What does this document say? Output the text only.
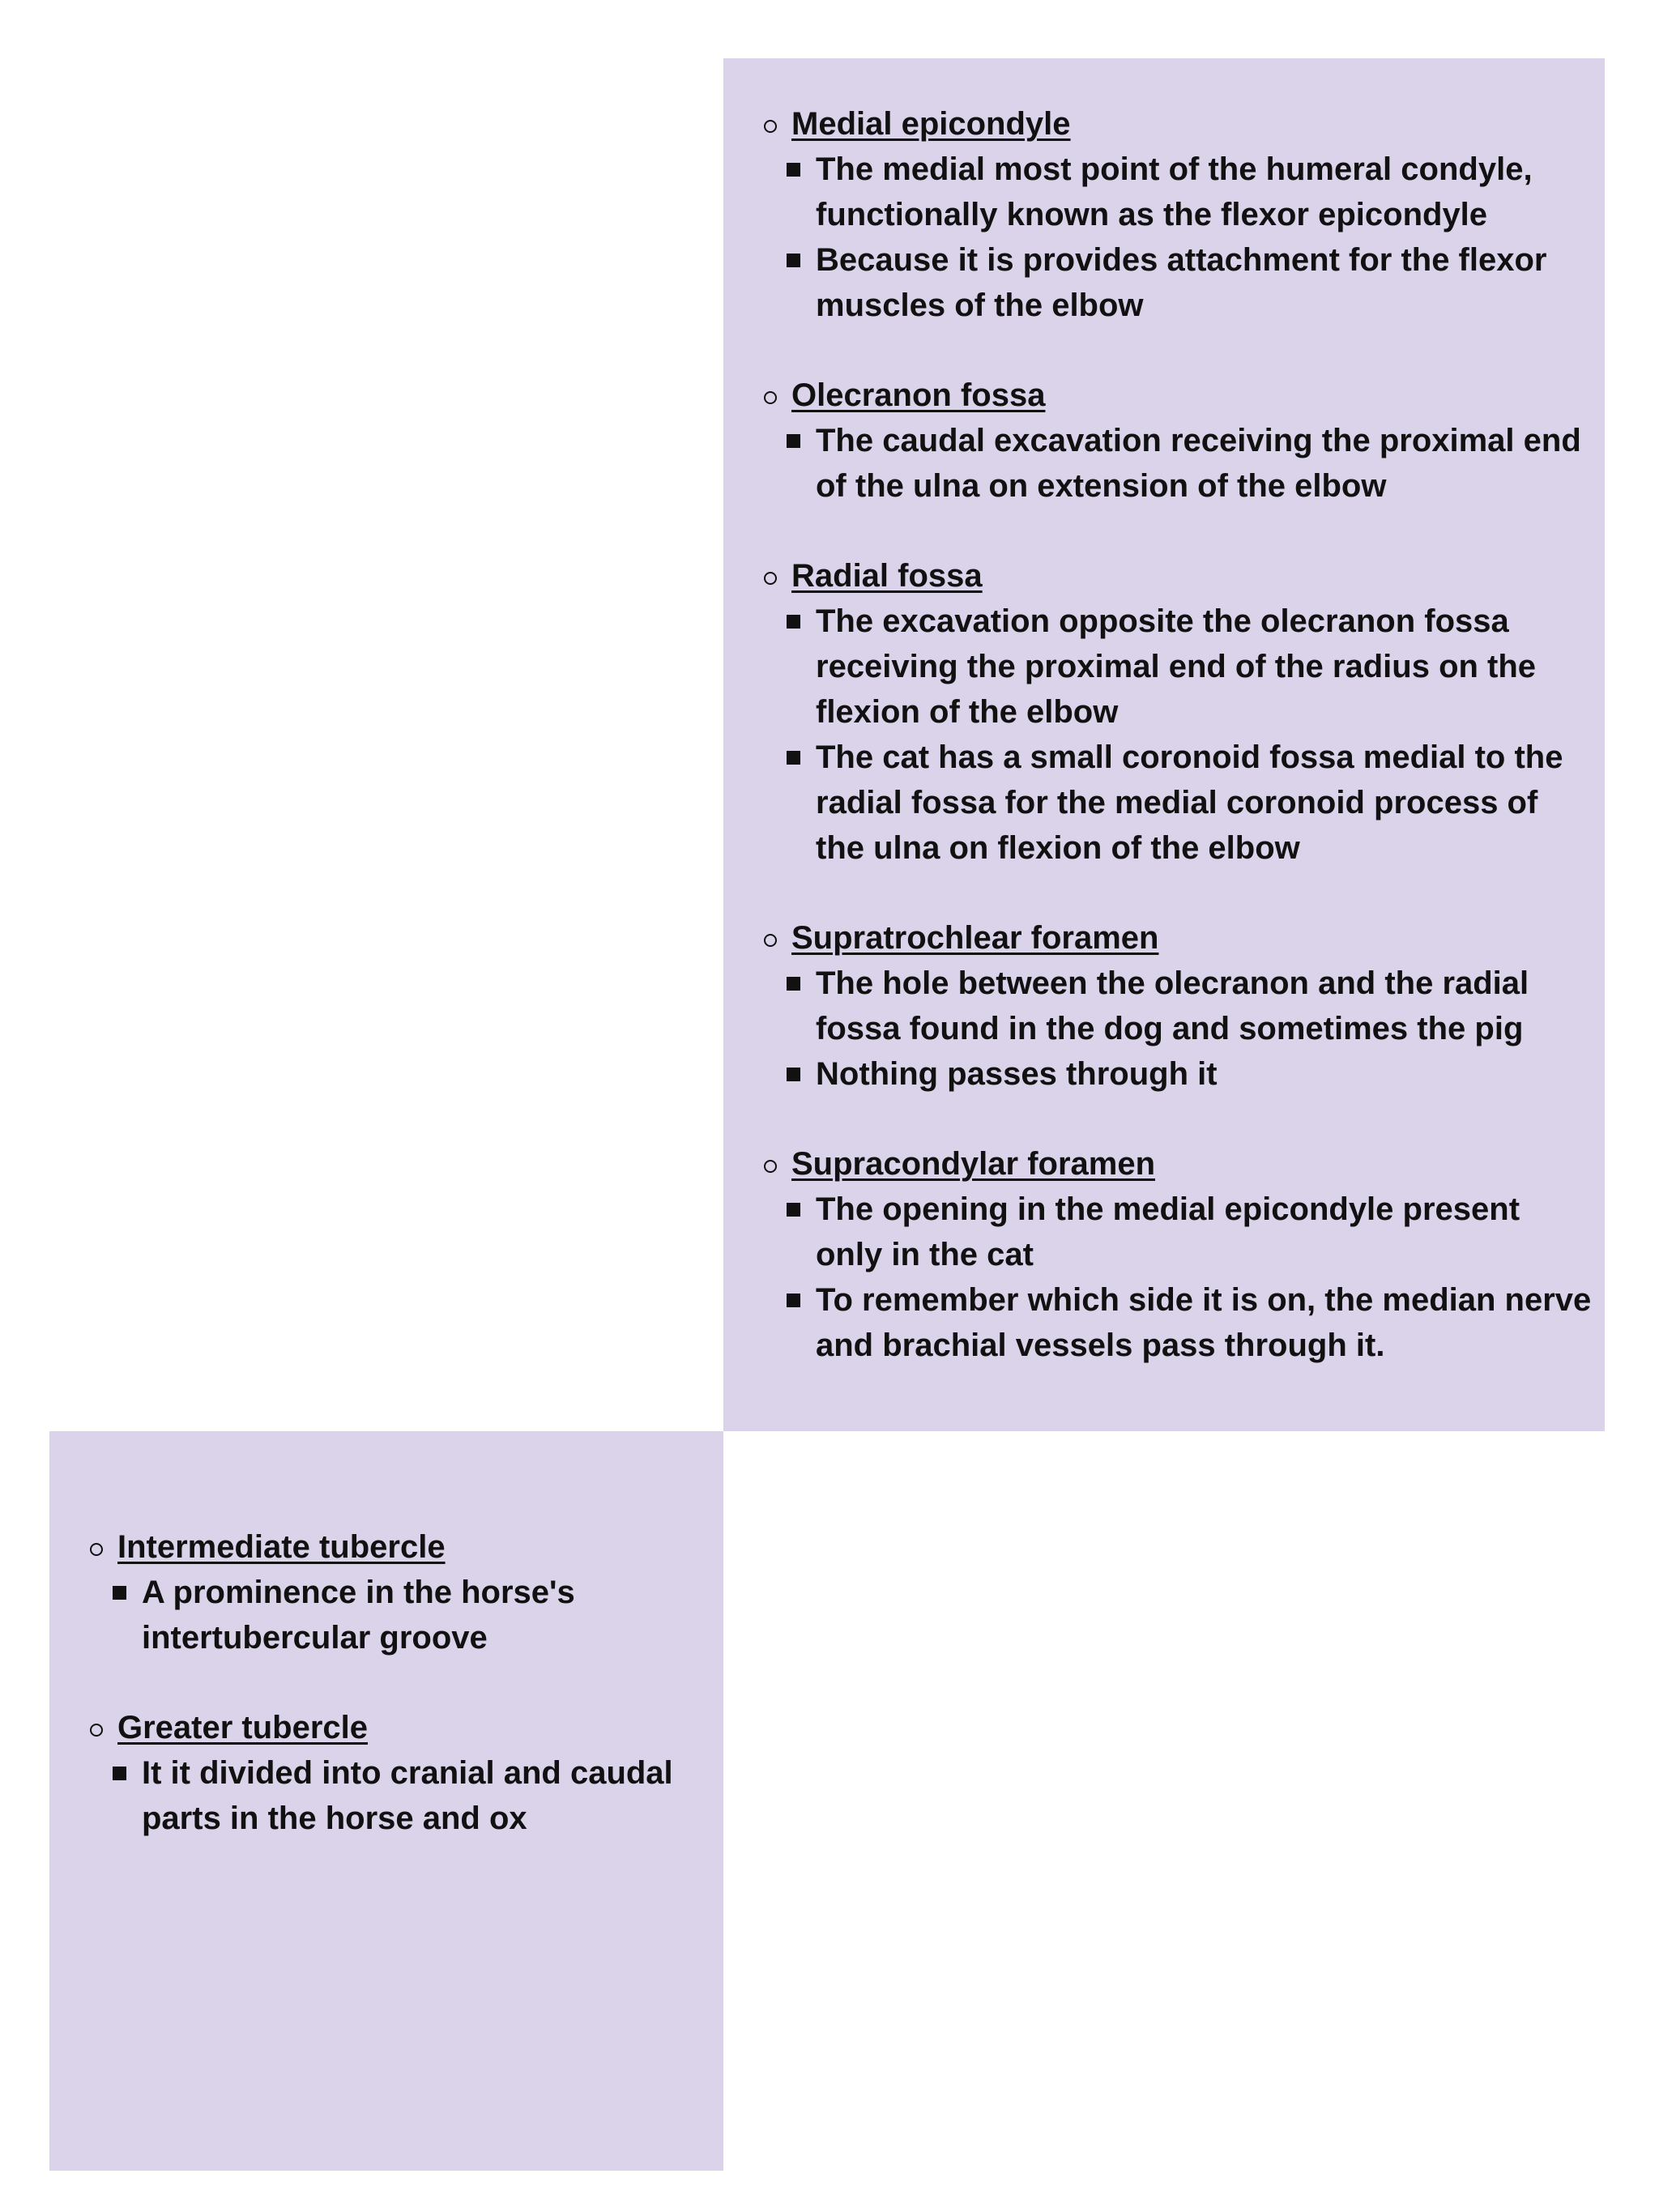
Medial epicondyle
The medial most point of the humeral condyle, functionally known as the flexor epicondyle
Because it is provides attachment for the flexor muscles of the elbow
Olecranon fossa
The caudal excavation receiving the proximal end of the ulna on extension of the elbow
Radial fossa
The excavation opposite the olecranon fossa receiving the proximal end of the radius on the flexion of the elbow
The cat has a small coronoid fossa medial to the radial fossa for the medial coronoid process of the ulna on flexion of the elbow
Supratrochlear foramen
The hole between the olecranon and the radial fossa found in the dog and sometimes the pig
Nothing passes through it
Supracondylar foramen
The opening in the medial epicondyle present only in the cat
To remember which side it is on, the median nerve and brachial vessels pass through it.
Intermediate tubercle
A prominence in the horse's intertubercular groove
Greater tubercle
It it divided into cranial and caudal parts in the horse and ox
